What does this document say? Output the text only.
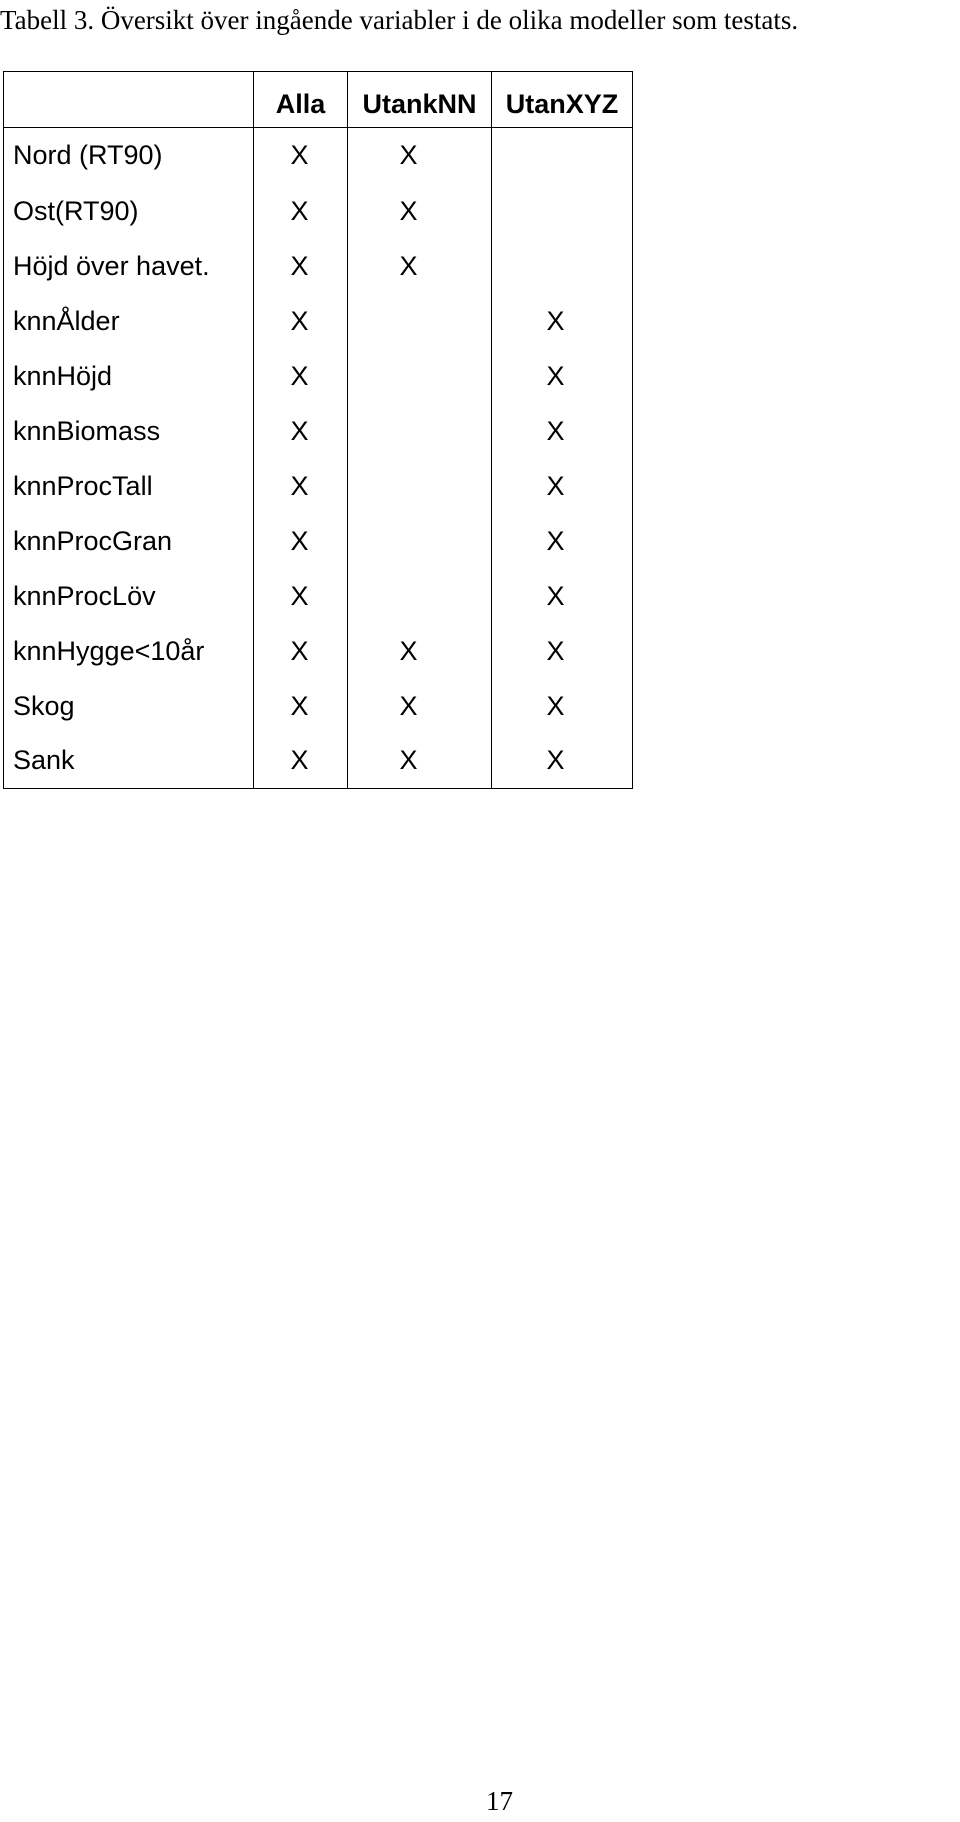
Tabell 3. Översikt över ingående variabler i de olika modeller som testats.

	Alla	UtankNN	UtanXYZ
Nord (RT90)	X	X	
Ost(RT90)	X	X	
Höjd över havet.	X	X	
knnÅlder	X		X
knnHöjd	X		X
knnBiomass	X		X
knnProcTall	X		X
knnProcGran	X		X
knnProcLöv	X		X
knnHygge<10år	X	X	X
Skog	X	X	X
Sank	X	X	X

17
